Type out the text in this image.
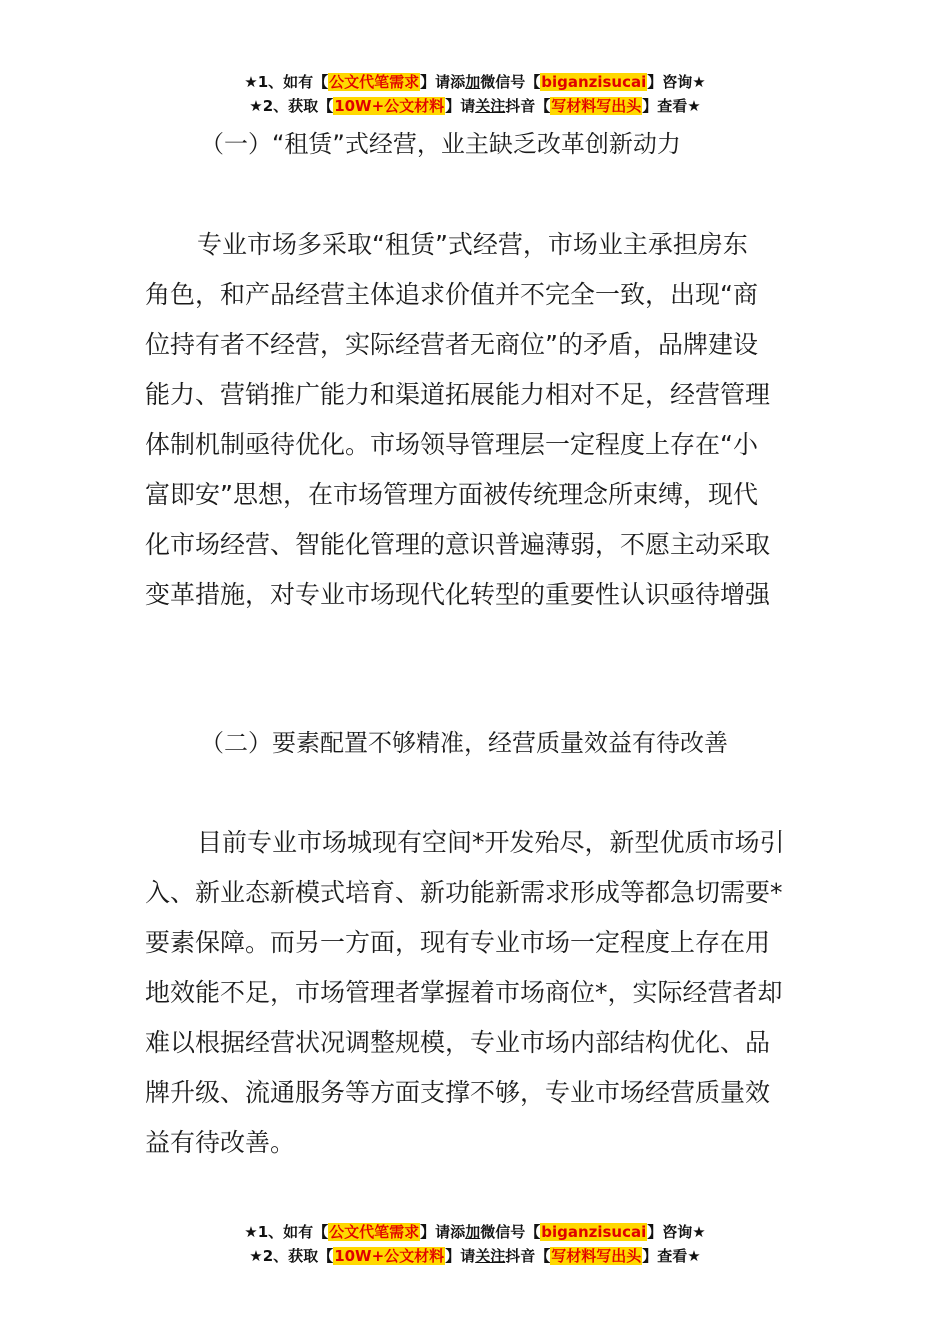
★1、如有【公文代笔需求】请添加微信号【biganzisucai】咨询★
★2、获取【10W+公文材料】请关注抖音【写材料写出头】查看★
（一）“租赁”式经营，业主缺乏改革创新动力
专业市场多采取“租赁”式经营，市场业主承担房东
角色，和产品经营主体追求价值并不完全一致，出现“商
位持有者不经营，实际经营者无商位”的矛盾，品牌建设
能力、营销推广能力和渠道拓展能力相对不足，经营管理
体制机制亟待优化。市场领导管理层一定程度上存在“小
富即安”思想，在市场管理方面被传统理念所束缚，现代
化市场经营、智能化管理的意识普遍薄弱，不愿主动采取
变革措施，对专业市场现代化转型的重要性认识亟待增强
（二）要素配置不够精准，经营质量效益有待改善
目前专业市场城现有空间*开发殆尽，新型优质市场引
入、新业态新模式培育、新功能新需求形成等都急切需要*
要素保障。而另一方面，现有专业市场一定程度上存在用
地效能不足，市场管理者掌握着市场商位*，实际经营者却
难以根据经营状况调整规模，专业市场内部结构优化、品
牌升级、流通服务等方面支撑不够，专业市场经营质量效
益有待改善。
★1、如有【公文代笔需求】请添加微信号【biganzisucai】咨询★
★2、获取【10W+公文材料】请关注抖音【写材料写出头】查看★
